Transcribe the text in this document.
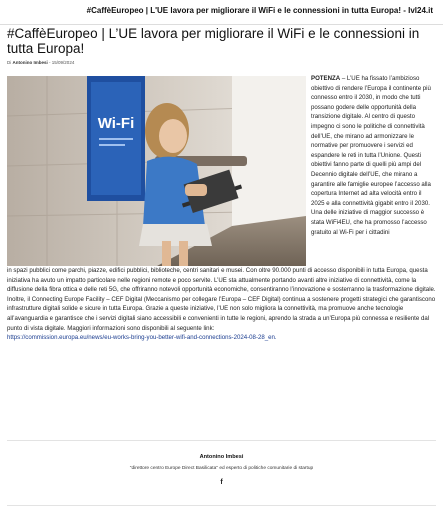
#CaffèEuropeo | L'UE lavora per migliorare il WiFi e le connessioni in tutta Europa! - Ivl24.it
#CaffèEuropeo | L’UE lavora per migliorare il WiFi e le connessioni in tutta Europa!
Di Antonino Imbesi - 15/09/2024
Wi-Fi
POTENZA – L’UE ha fissato l’ambizioso obiettivo di rendere l’Europa il continente più connesso entro il 2030, in modo che tutti possano godere delle opportunità della transizione digitale. Al centro di questo impegno ci sono le politiche di connettività dell’UE, che mirano ad armonizzare le normative per promuovere i servizi ed espandere le reti in tutta l’Unione. Questi obiettivi fanno parte di quelli più ampi del Decennio digitale dell’UE, che mirano a garantire alle famiglie europee l’accesso alla copertura Internet ad alta velocità entro il 2025 e alla connettività gigabit entro il 2030. Una delle iniziative di maggior successo è stata WiFi4EU, che ha promosso l’accesso gratuito al Wi-Fi per i cittadini
in spazi pubblici come parchi, piazze, edifici pubblici, biblioteche, centri sanitari e musei. Con oltre 90.000 punti di accesso disponibili in tutta Europa, questa iniziativa ha avuto un impatto particolare nelle regioni remote e poco servite. L’UE sta attualmente portando avanti altre iniziative di connettività, come la diffusione della fibra ottica e delle reti 5G, che offriranno notevoli opportunità economiche, consentiranno l’innovazione e sosterranno la trasformazione digitale. Inoltre, il Connecting Europe Facility – CEF Digital (Meccanismo per collegare l’Europa – CEF Digital) continua a sostenere progetti strategici che garantiscono infrastrutture digitali solide e sicure in tutta Europa. Grazie a queste iniziative, l’UE non solo migliora la connettività, ma promuove anche tecnologie all’avanguardia e garantisce che i servizi digitali siano accessibili e convenienti in tutte le regioni, aprendo la strada a un’Europa più connessa e resiliente dal punto di vista digitale. Maggiori informazioni sono disponibili al seguente link:
https://commission.europa.eu/news/eu-works-bring-you-better-wifi-and-connections-2024-08-28_en.
Antonino Imbesi
"direttore centro Europe Direct Basilicata" ed esperto di politiche comunitarie di startup
f
